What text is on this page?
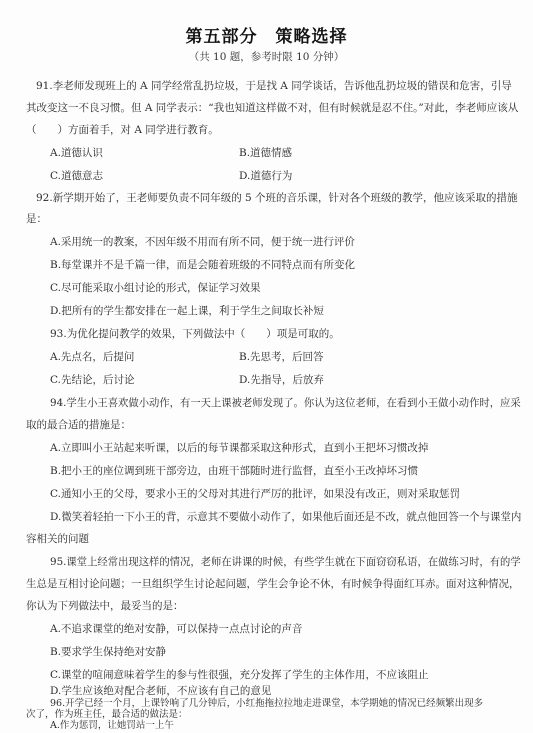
第五部分　策略选择
（共 10 题，参考时限 10 分钟）
91.李老师发现班上的 A 同学经常乱扔垃圾，于是找 A 同学谈话，告诉他乱扔垃圾的错误和危害，引导
其改变这一不良习惯。但 A 同学表示：“我也知道这样做不对，但有时候就是忍不住。”对此，李老师应该从
（　　）方面着手，对 A 同学进行教育。
A.道德认识	B.道德情感
C.道德意志	D.道德行为
92.新学期开始了，王老师要负责不同年级的 5 个班的音乐课，针对各个班级的教学，他应该采取的措施
是：
A.采用统一的教案，不因年级不用而有所不同，便于统一进行评价
B.每堂课并不是千篇一律，而是会随着班级的不同特点而有所变化
C.尽可能采取小组讨论的形式，保证学习效果
D.把所有的学生都安排在一起上课，利于学生之间取长补短
93.为优化提问教学的效果，下列做法中（　　）项是可取的。
A.先点名，后提问	B.先思考，后回答
C.先结论，后讨论	D.先指导，后放弃
94.学生小王喜欢做小动作，有一天上课被老师发现了。你认为这位老师，在看到小王做小动作时，应采
取的最合适的措施是：
A.立即叫小王站起来听课，以后的每节课都采取这种形式，直到小王把坏习惯改掉
B.把小王的座位调到班干部旁边，由班干部随时进行监督，直至小王改掉坏习惯
C.通知小王的父母，要求小王的父母对其进行严厉的批评，如果没有改正，则对采取惩罚
D.微笑着轻拍一下小王的背，示意其不要做小动作了，如果他后面还是不改，就点他回答一个与课堂内
容相关的问题
95.课堂上经常出现这样的情况，老师在讲课的时候，有些学生就在下面窃窃私语，在做练习时，有的学
生总是互相讨论问题；一旦组织学生讨论起问题，学生会争论不休，有时候争得面红耳赤。面对这种情况，
你认为下列做法中，最妥当的是：
A.不追求课堂的绝对安静，可以保持一点点讨论的声音
B.要求学生保持绝对安静
C.课堂的喧闹意味着学生的参与性很强，充分发挥了学生的主体作用，不应该阻止
D.学生应该绝对配合老师，不应该有自己的意见
96.开学已经一个月，上课铃响了几分钟后，小红拖拖拉拉地走进课堂，本学期她的情况已经频繁出现多
次了，作为班主任，最合适的做法是：
A.作为惩罚，让她罚站一上午
